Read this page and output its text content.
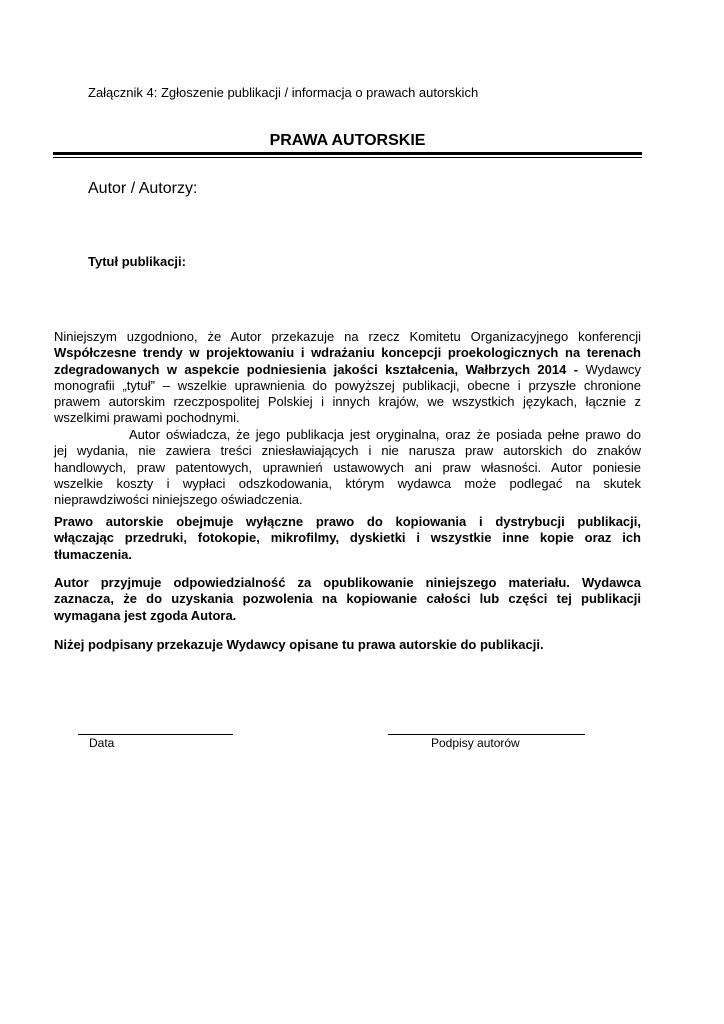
Załącznik 4: Zgłoszenie publikacji / informacja o prawach autorskich
PRAWA AUTORSKIE
Autor / Autorzy:
Tytuł publikacji:
Niniejszym uzgodniono, że Autor przekazuje na rzecz Komitetu Organizacyjnego konferencji
Współczesne trendy w projektowaniu i wdrażaniu koncepcji proekologicznych na terenach
zdegradowanych w aspekcie podniesienia jakości kształcenia, Wałbrzych 2014 - Wydawcy
monografii „tytuł” – wszelkie uprawnienia do powyższej publikacji, obecne i przyszłe chronione
prawem autorskim rzeczpospolitej Polskiej i innych krajów, we wszystkich językach, łącznie z
wszelkimi prawami pochodnymi.
Autor oświadcza, że jego publikacja jest oryginalna, oraz że posiada pełne prawo do
jej wydania, nie zawiera treści zniesławiających i nie narusza praw autorskich do znaków
handlowych, praw patentowych, uprawnień ustawowych ani praw własności. Autor poniesie
wszelkie koszty i wypłaci odszkodowania, którym wydawca może podlegać na skutek
nieprawdziwości niniejszego oświadczenia.
Prawo autorskie obejmuje wyłączne prawo do kopiowania i dystrybucji publikacji,
włączając przedruki, fotokopie, mikrofilmy, dyskietki i wszystkie inne kopie oraz ich
tłumaczenia.
Autor przyjmuje odpowiedzialność za opublikowanie niniejszego materiału. Wydawca
zaznacza, że do uzyskania pozwolenia na kopiowanie całości lub części tej publikacji
wymagana jest zgoda Autora.
Niżej podpisany przekazuje Wydawcy opisane tu prawa autorskie do publikacji.
Data	Podpisy autorów
